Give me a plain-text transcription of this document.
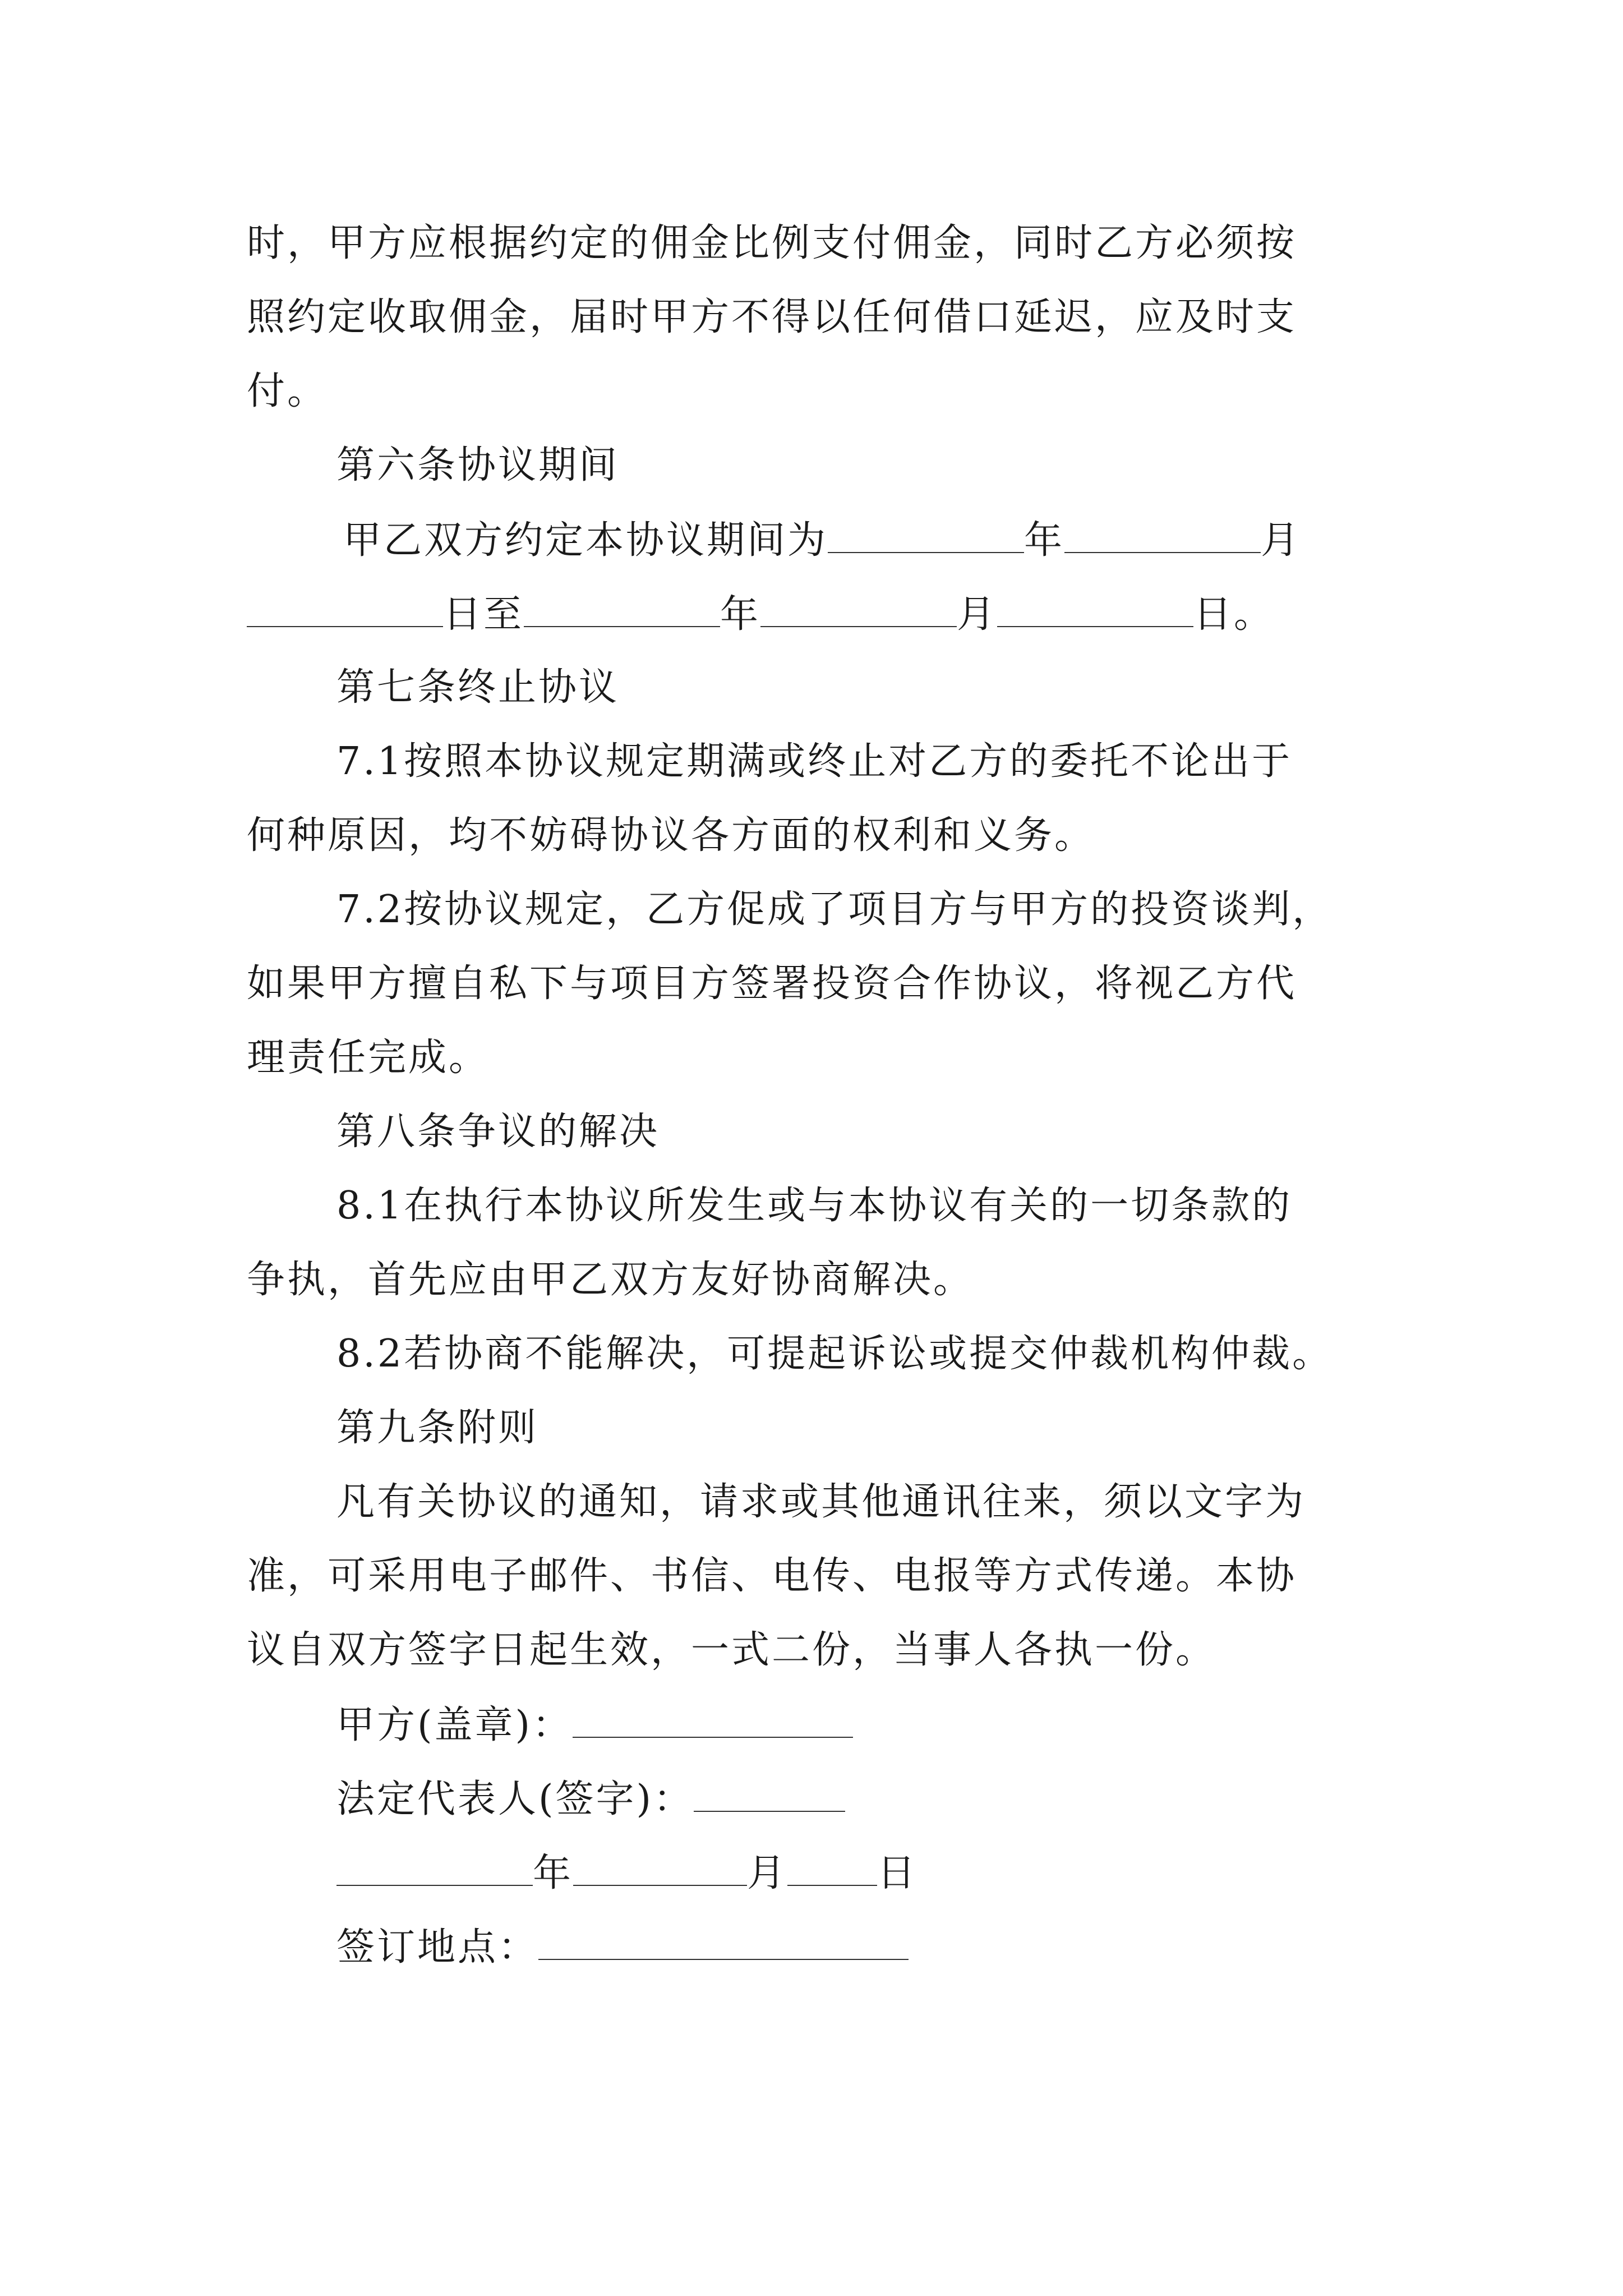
时，甲方应根据约定的佣金比例支付佣金，同时乙方必须按
照约定收取佣金，届时甲方不得以任何借口延迟，应及时支
付。
第六条协议期间
甲乙双方约定本协议期间为	年	月
日至	年	月	日。
第七条终止协议
7.1按照本协议规定期满或终止对乙方的委托不论出于
何种原因，均不妨碍协议各方面的权利和义务。
7.2按协议规定，乙方促成了项目方与甲方的投资谈判，
如果甲方擅自私下与项目方签署投资合作协议，将视乙方代
理责任完成。
第八条争议的解决
8.1在执行本协议所发生或与本协议有关的一切条款的
争执，首先应由甲乙双方友好协商解决。
8.2若协商不能解决，可提起诉讼或提交仲裁机构仲裁。
第九条附则
凡有关协议的通知，请求或其他通讯往来，须以文字为
准，可采用电子邮件、书信、电传、电报等方式传递。本协
议自双方签字日起生效，一式二份，当事人各执一份。
甲方(盖章)：
法定代表人(签字)：
年	月 日
签订地点：
